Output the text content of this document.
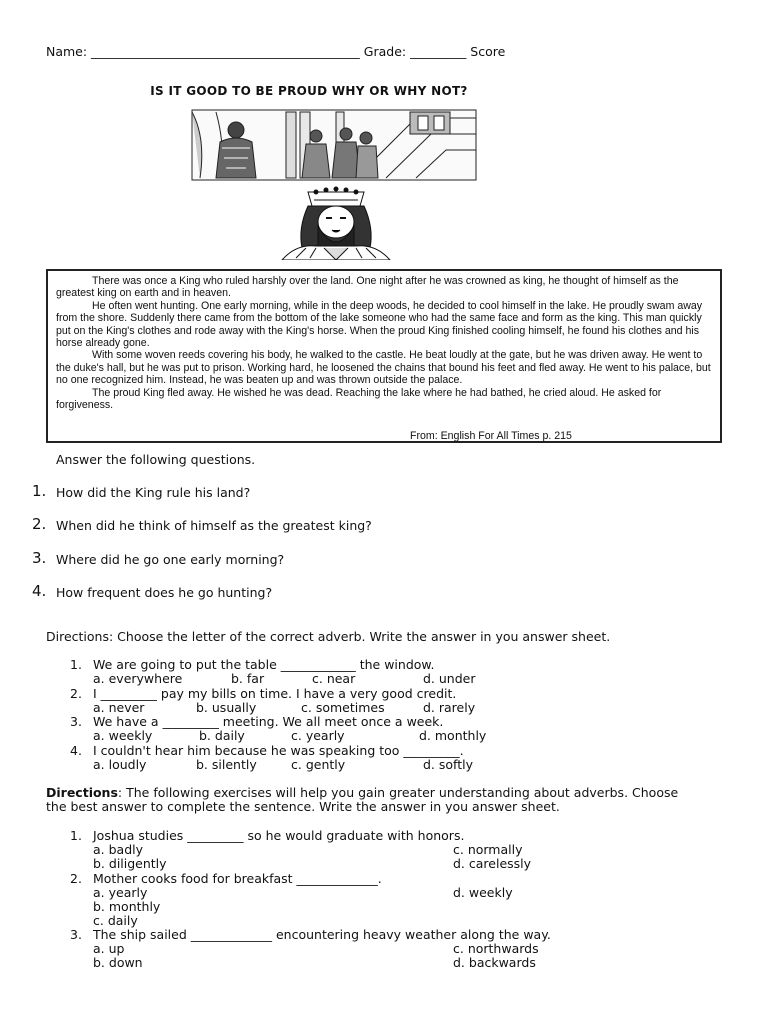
Name: ___________________________________________ Grade: _________ Score
IS IT GOOD TO BE PROUD WHY OR WHY NOT?

There was once a King who ruled harshly over the land. One night after he was crowned as king, he thought of himself as the greatest king on earth and in heaven.

He often went hunting. One early morning, while in the deep woods, he decided to cool himself in the lake. He proudly swam away from the shore. Suddenly there came from the bottom of the lake someone who had the same face and form as the king. This man quickly put on the King's clothes and rode away with the King's horse. When the proud King finished cooling himself, he found his clothes and his horse already gone.

With some woven reeds covering his body, he walked to the castle. He beat loudly at the gate, but he was driven away. He went to the duke's hall, but he was put to prison. Working hard, he loosened the chains that bound his feet and fled away. He went to his palace, but no one recognized him. Instead, he was beaten up and was thrown outside the palace.

The proud King fled away. He wished he was dead. Reaching the lake where he had bathed, he cried aloud. He asked for forgiveness.

From: English For All Times p. 215
Answer the following questions.
1. How did the King rule his land?
2. When did he think of himself as the greatest king?
3. Where did he go one early morning?
4. How frequent does he go hunting?
Directions: Choose the letter of the correct adverb. Write the answer in you answer sheet.
1. We are going to put the table ____________ the window.
a. everywhere	b. far	c. near	d. under
2. I _________ pay my bills on time. I have a very good credit.
a. never	b. usually	c. sometimes	d. rarely
3. We have a _________ meeting. We all meet once a week.
a. weekly	b. daily	c. yearly	d. monthly
4. I couldn't hear him because he was speaking too _________.
a. loudly	b. silently	c. gently	d. softly
Directions: The following exercises will help you gain greater understanding about adverbs. Choose
the best answer to complete the sentence. Write the answer in you answer sheet.
1. Joshua studies _________ so he would graduate with honors.
a. badly	c. normally
b. diligently	d. carelessly
2. Mother cooks food for breakfast _____________.
a. yearly	d. weekly
b. monthly
c. daily
3. The ship sailed _____________ encountering heavy weather along the way.
a. up	c. northwards
b. down	d. backwards
